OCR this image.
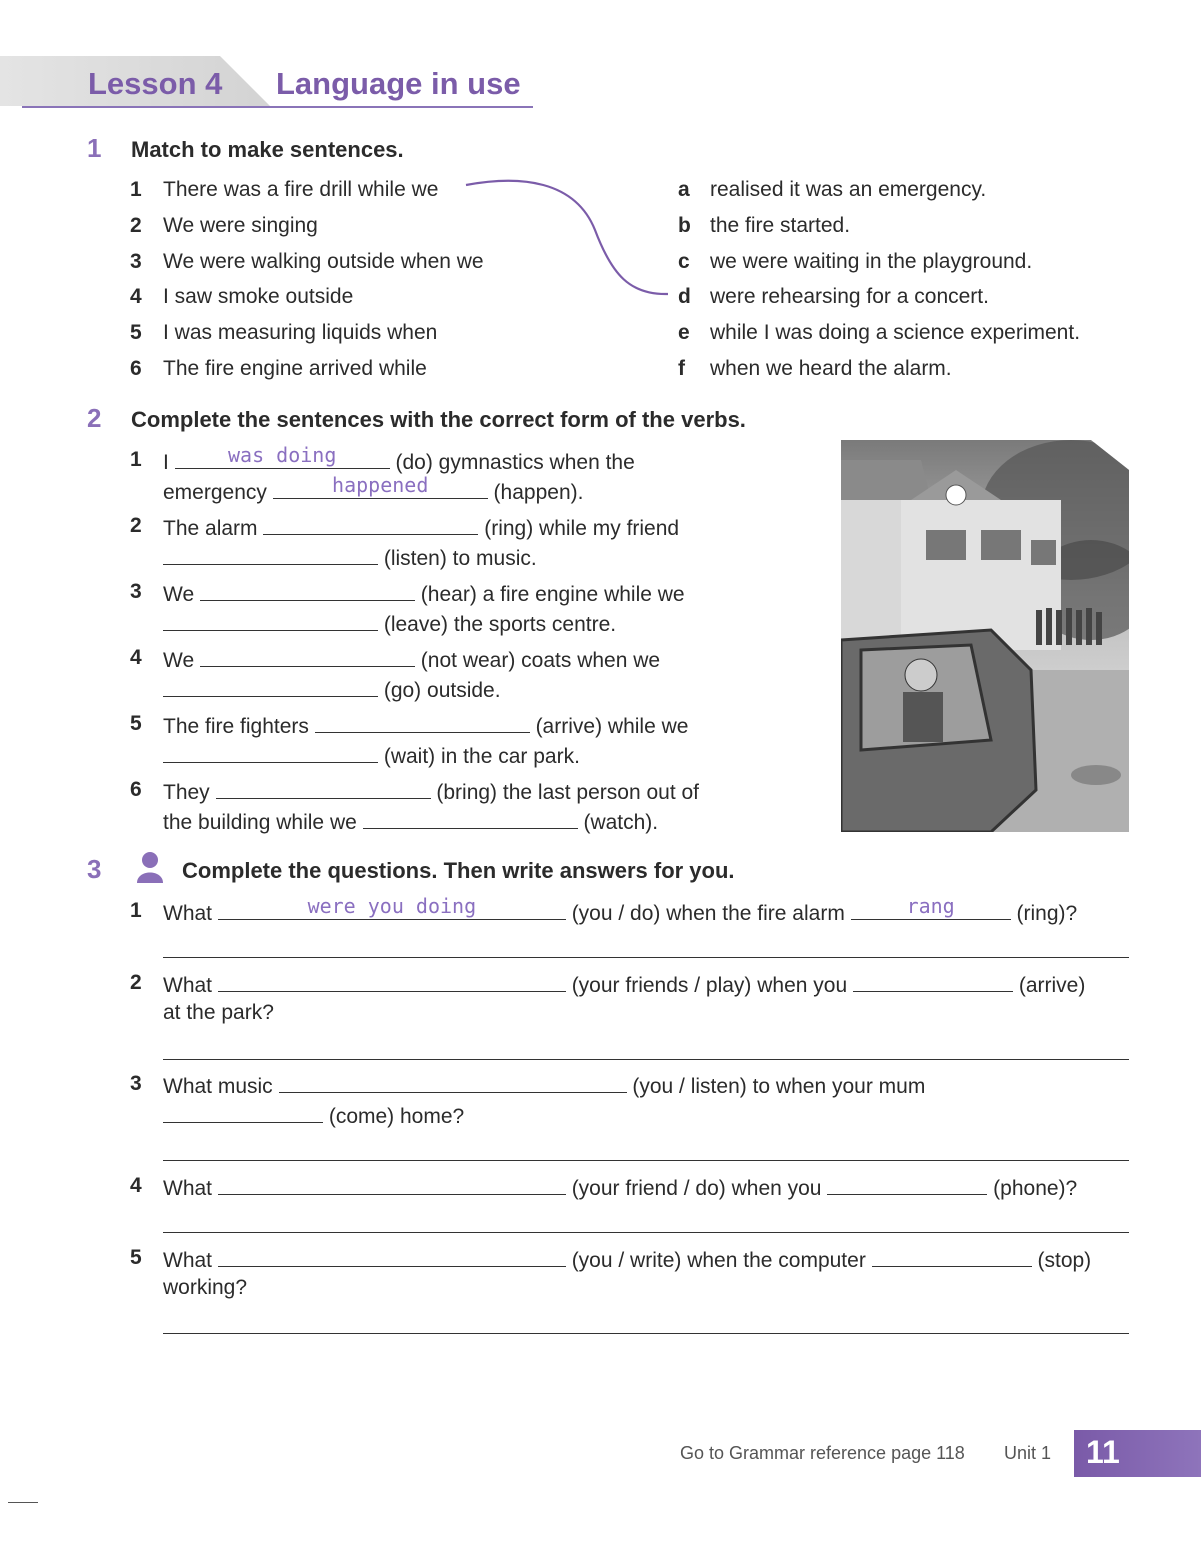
Lesson 4 Language in use
1 Match to make sentences.
1 There was a fire drill while we
2 We were singing
3 We were walking outside when we
4 I saw smoke outside
5 I was measuring liquids when
6 The fire engine arrived while
a realised it was an emergency.
b the fire started.
c we were waiting in the playground.
d were rehearsing for a concert.
e while I was doing a science experiment.
f when we heard the alarm.
2 Complete the sentences with the correct form of the verbs.
1 I	was doing	(do) gymnastics when the
emergency	happened	(happen).
2 The alarm	(ring) while my friend
(listen) to music.
3 We	(hear) a fire engine while we
(leave) the sports centre.
4 We	(not wear) coats when we
(go) outside.
5 The fire fighters	(arrive) while we
(wait) in the car park.
6 They	(bring) the last person out of
the building while we	(watch).
3	Complete the questions. Then write answers for you.
1 What	were you doing	(you / do) when the fire alarm	rang	(ring)?
2 What	(your friends / play) when you	(arrive)
at the park?
3 What music	(you / listen) to when your mum
(come) home?
4 What	(your friend / do) when you	(phone)?
5 What	(you / write) when the computer	(stop)
working?
Go to Grammar reference page 118 Unit 1 11
